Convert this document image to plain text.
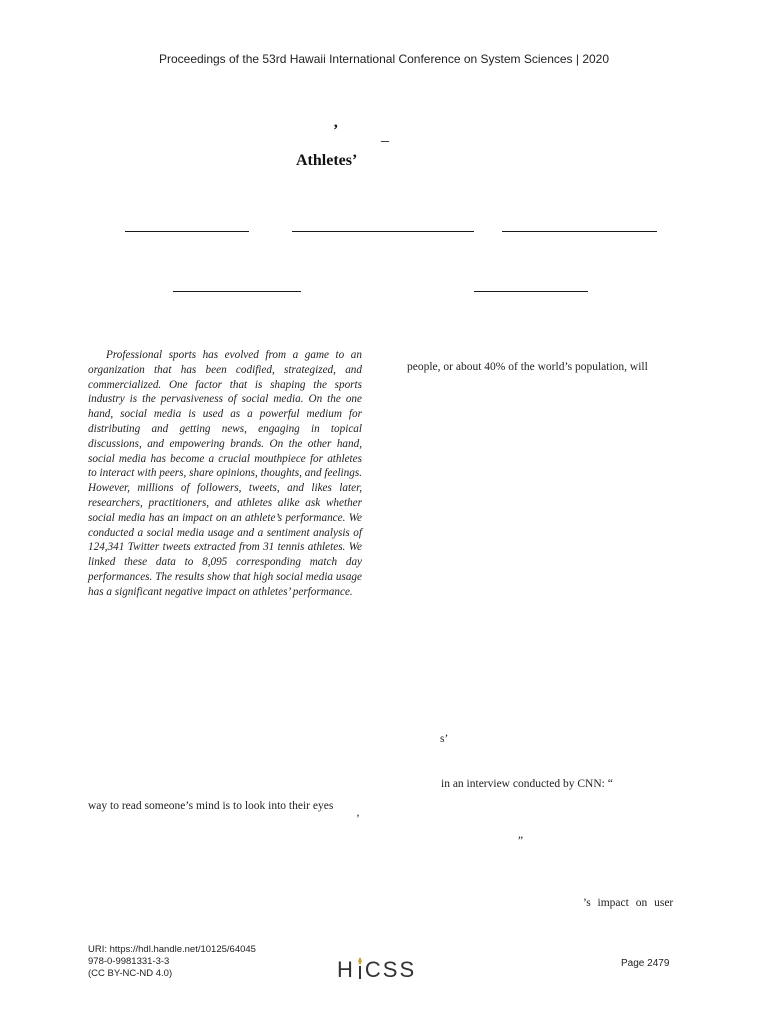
Proceedings of the 53rd Hawaii International Conference on System Sciences | 2020
’	_
Athletes’
Professional sports has evolved from a game to an organization that has been codified, strategized, and commercialized. One factor that is shaping the sports industry is the pervasiveness of social media. On the one hand, social media is used as a powerful medium for distributing and getting news, engaging in topical discussions, and empowering brands. On the other hand, social media has become a crucial mouthpiece for athletes to interact with peers, share opinions, thoughts, and feelings. However, millions of followers, tweets, and likes later, researchers, practitioners, and athletes alike ask whether social media has an impact on an athlete’s performance. We conducted a social media usage and a sentiment analysis of 124,341 Twitter tweets extracted from 31 tennis athletes. We linked these data to 8,095 corresponding match day performances. The results show that high social media usage has a significant negative impact on athletes’ performance.
people, or about 40% of the world’s population, will
s’
in an interview conducted by CNN: “
”
’s impact on user
way to read someone’s mind is to look into their eyes
’
URI: https://hdl.handle.net/10125/64045
978-0-9981331-3-3
(CC BY-NC-ND 4.0)	H CSS	Page 2479
